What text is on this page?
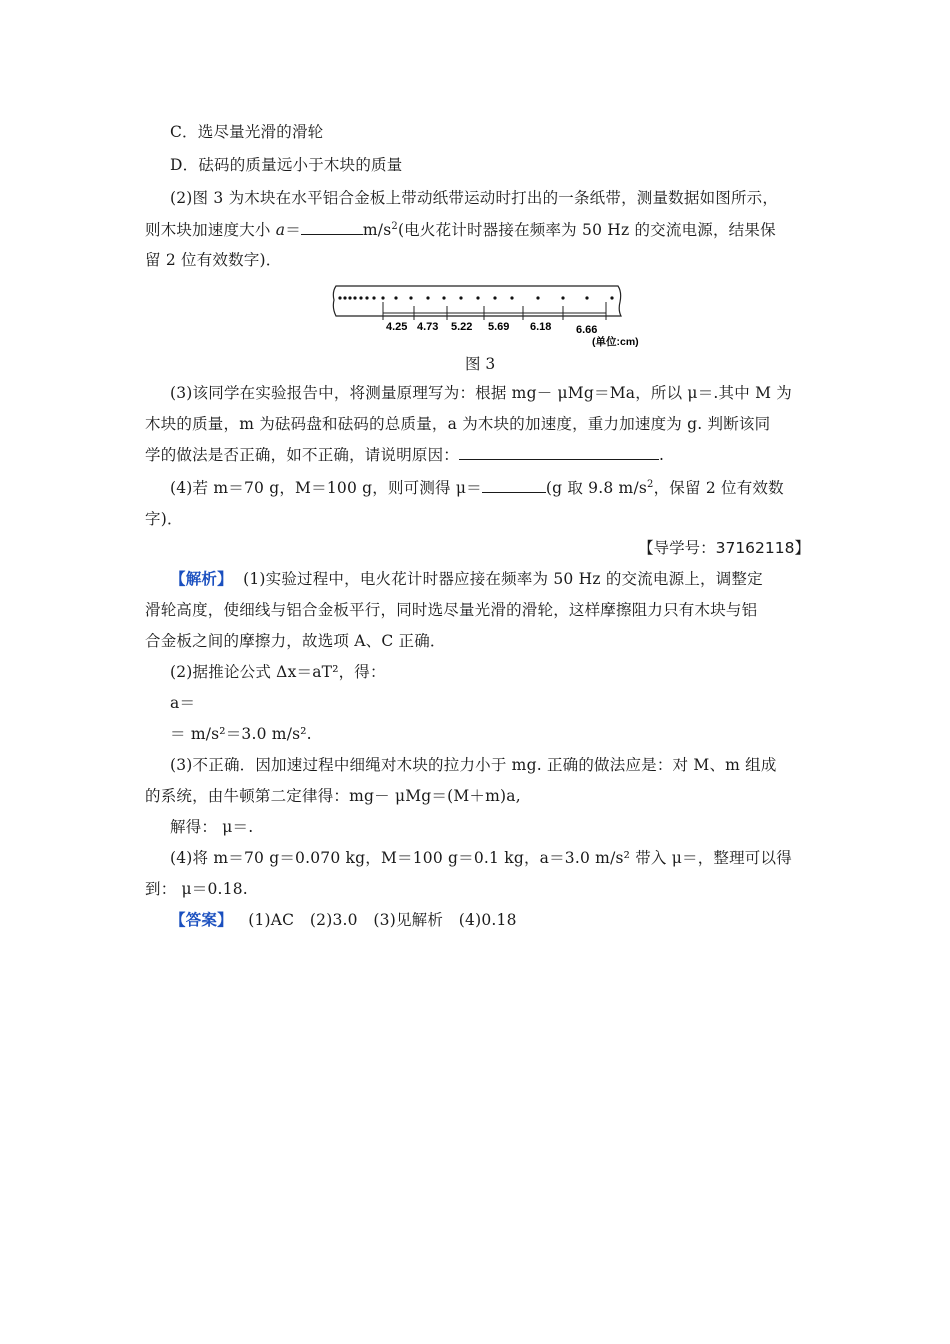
C．选尽量光滑的滑轮
D．砝码的质量远小于木块的质量
(2)图 3 为木块在水平铝合金板上带动纸带运动时打出的一条纸带，测量数据如图所示，
则木块加速度大小 a＝	$m/s^2$(电火花计时器接在频率为 50 Hz 的交流电源，结果保
留 2 位有效数字)．
4.25 4.73 5.22 5.69 6.18 6.66
(单位:cm)
图 3
(3)该同学在实验报告中，将测量原理写为：根据 mg－ μMg＝Ma，所以 μ＝.其中 M 为
木块的质量，m 为砝码盘和砝码的总质量，a 为木块的加速度，重力加速度为 g. 判断该同
学的做法是否正确，如不正确，请说明原因：	.
(4)若 m＝70 g，M＝100 g，则可测得 μ＝	(g 取 9.8 $m/s^2$，保留 2 位有效数
字)．
【导学号：37162118】
【解析】 (1)实验过程中，电火花计时器应接在频率为 50 Hz 的交流电源上，调整定
滑轮高度，使细线与铝合金板平行，同时选尽量光滑的滑轮，这样摩擦阻力只有木块与铝
合金板之间的摩擦力，故选项 A、C 正确．
(2)据推论公式 Δx＝aT²，得：
a＝
＝ m/s²＝3.0 m/s².
(3)不正确．因加速过程中细绳对木块的拉力小于 mg. 正确的做法应是：对 M、m 组成
的系统，由牛顿第二定律得：mg－ μMg＝(M＋m)a,
解得： μ＝.
(4)将 m＝70 g＝0.070 kg，M＝100 g＝0.1 kg，a＝3.0 m/s² 带入 μ＝，整理可以得
到： μ＝0.18.
【答案】 (1)AC　(2)3.0　(3)见解析　(4)0.18
